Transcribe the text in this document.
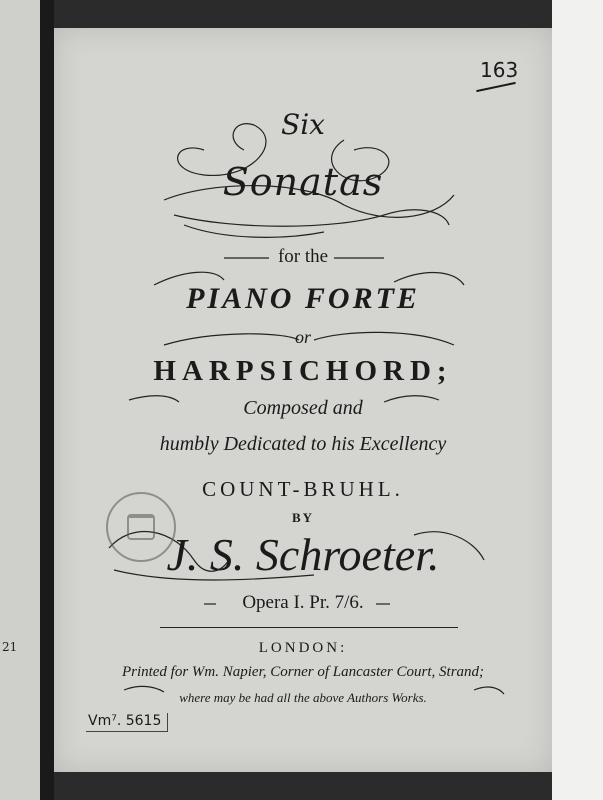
21
Six
Sonatas
for the
PIANO FORTE
or
HARPSICHORD;
Composed and
humbly Dedicated to his Excellency
COUNT-BRUHL.
BY
J. S. Schroeter.
Opera I. Pr. 7/6.
LONDON:
Printed for Wm. Napier, Corner of Lancaster Court, Strand;
where may be had all the above Authors Works.
163
Vm⁷. 5615
